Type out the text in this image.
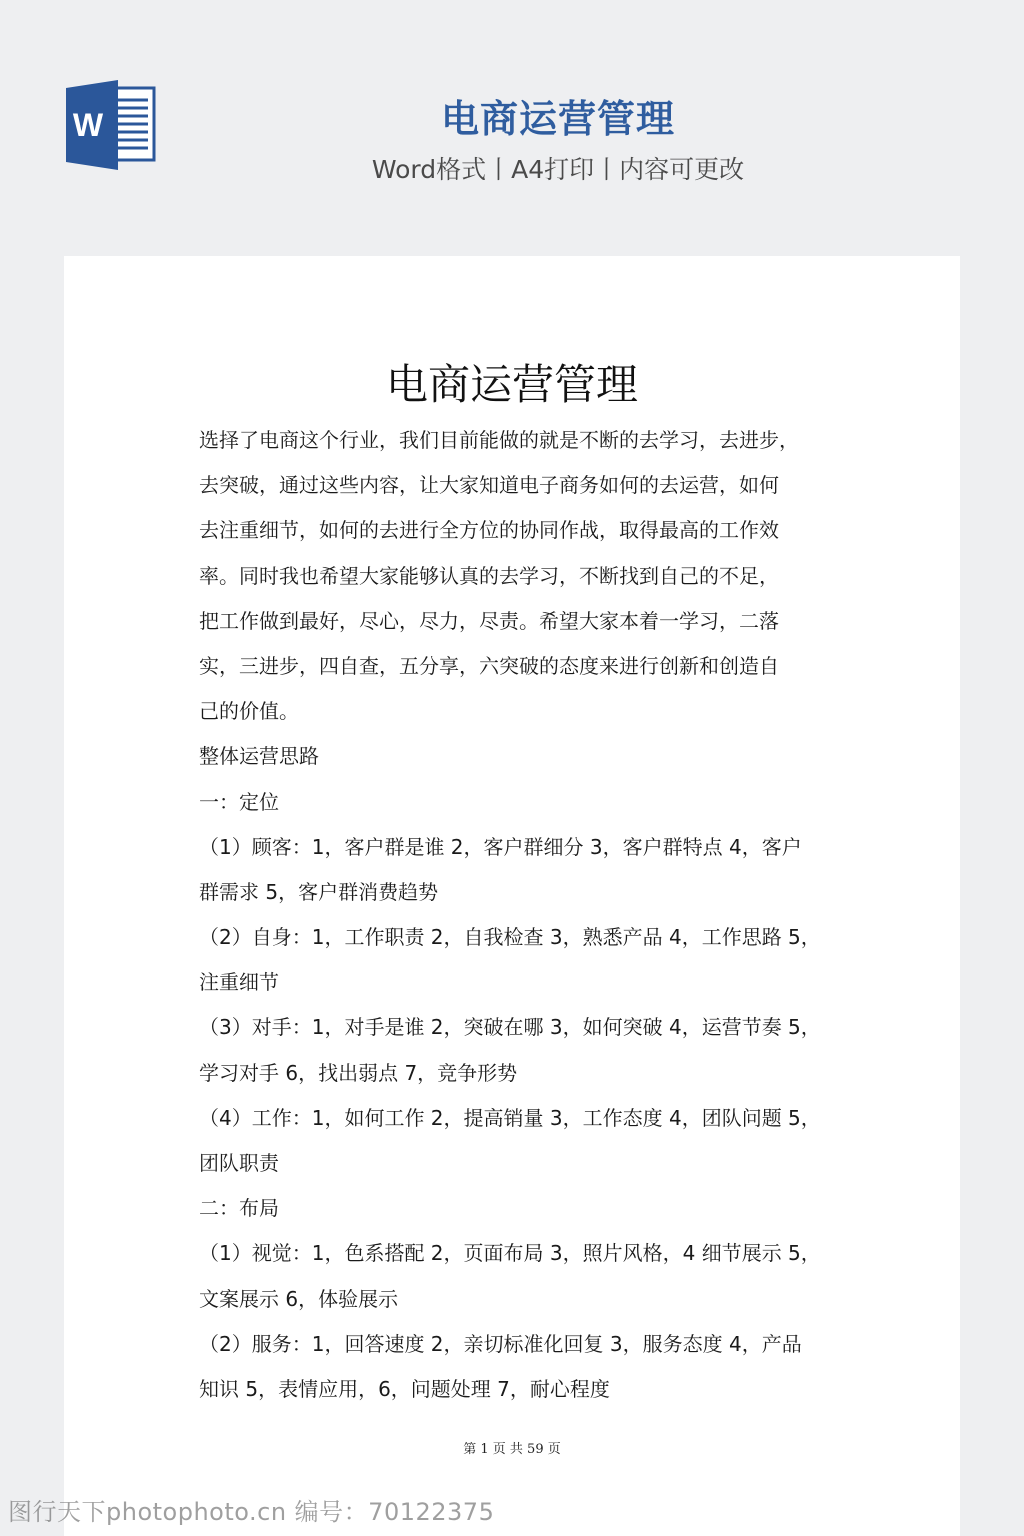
W	电商运营管理
Word格式丨A4打印丨内容可更改
电商运营管理
选择了电商这个行业，我们目前能做的就是不断的去学习，去进步，
去突破，通过这些内容，让大家知道电子商务如何的去运营，如何
去注重细节，如何的去进行全方位的协同作战，取得最高的工作效
率。同时我也希望大家能够认真的去学习，不断找到自己的不足，
把工作做到最好，尽心，尽力，尽责。希望大家本着一学习，二落
实，三进步，四自查，五分享，六突破的态度来进行创新和创造自
己的价值。
整体运营思路
一：定位
（1）顾客：1，客户群是谁 2，客户群细分 3，客户群特点 4，客户
群需求 5，客户群消费趋势
（2）自身：1，工作职责 2，自我检查 3，熟悉产品 4，工作思路 5，
注重细节
（3）对手：1，对手是谁 2，突破在哪 3，如何突破 4，运营节奏 5，
学习对手 6，找出弱点 7，竞争形势
（4）工作：1，如何工作 2，提高销量 3，工作态度 4，团队问题 5，
团队职责
二：布局
（1）视觉：1，色系搭配 2，页面布局 3，照片风格，4 细节展示 5，
文案展示 6，体验展示
（2）服务：1，回答速度 2，亲切标准化回复 3，服务态度 4，产品
知识 5，表情应用，6，问题处理 7，耐心程度
第 1 页 共 59 页
图行天下photophoto.cn 编号：70122375
